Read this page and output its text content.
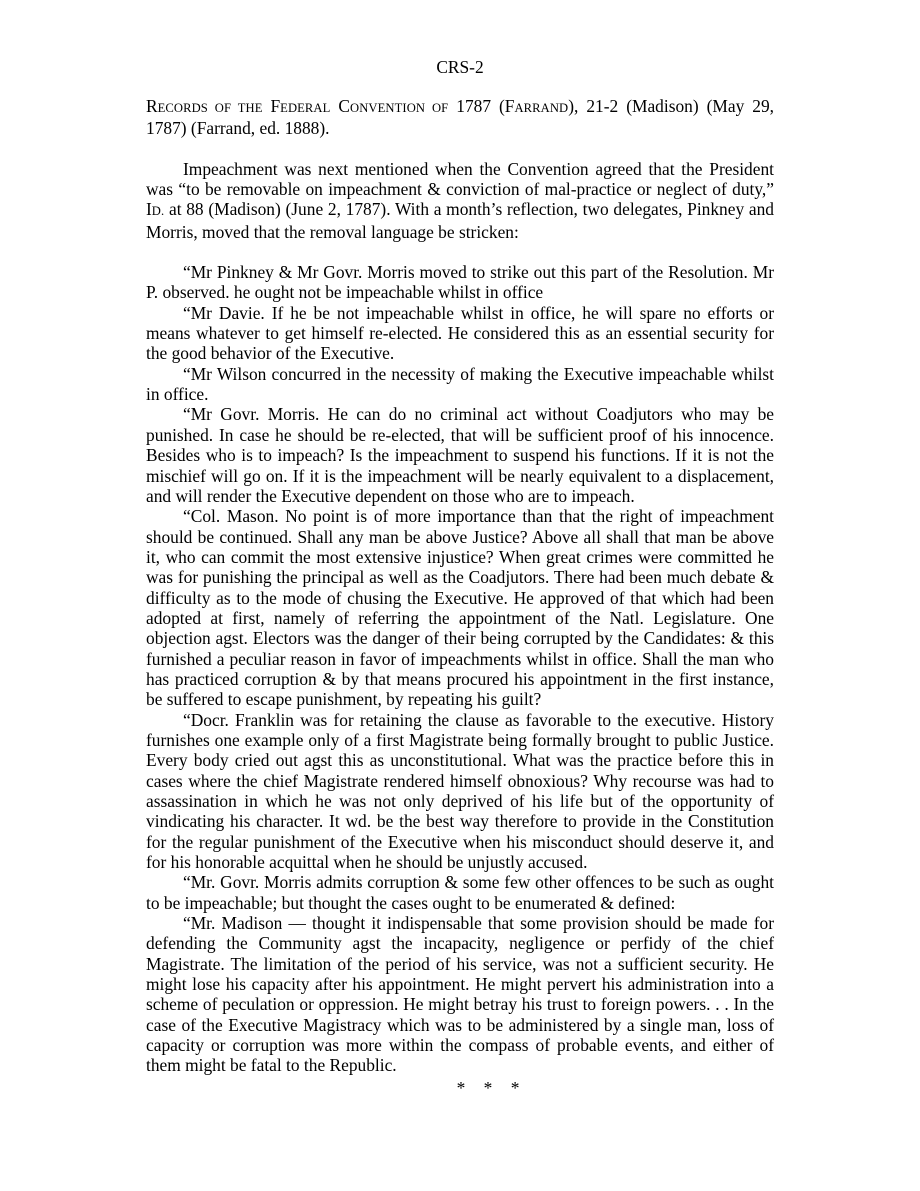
CRS-2

RECORDS OF THE FEDERAL CONVENTION OF 1787 (FARRAND), 21-2 (Madison) (May 29, 1787) (Farrand, ed. 1888).

Impeachment was next mentioned when the Convention agreed that the President was “to be removable on impeachment & conviction of mal-practice or neglect of duty,” ID. at 88 (Madison) (June 2, 1787). With a month’s reflection, two delegates, Pinkney and Morris, moved that the removal language be stricken:

“Mr Pinkney & Mr Govr. Morris moved to strike out this part of the Resolution. Mr P. observed. he ought not be impeachable whilst in office

“Mr Davie. If he be not impeachable whilst in office, he will spare no efforts or means whatever to get himself re-elected. He considered this as an essential security for the good behavior of the Executive.

“Mr Wilson concurred in the necessity of making the Executive impeachable whilst in office.

“Mr Govr. Morris. He can do no criminal act without Coadjutors who may be punished. In case he should be re-elected, that will be sufficient proof of his innocence. Besides who is to impeach? Is the impeachment to suspend his functions. If it is not the mischief will go on. If it is the impeachment will be nearly equivalent to a displacement, and will render the Executive dependent on those who are to impeach.

“Col. Mason. No point is of more importance than that the right of impeachment should be continued. Shall any man be above Justice? Above all shall that man be above it, who can commit the most extensive injustice? When great crimes were committed he was for punishing the principal as well as the Coadjutors. There had been much debate & difficulty as to the mode of chusing the Executive. He approved of that which had been adopted at first, namely of referring the appointment of the Natl. Legislature. One objection agst. Electors was the danger of their being corrupted by the Candidates: & this furnished a peculiar reason in favor of impeachments whilst in office. Shall the man who has practiced corruption & by that means procured his appointment in the first instance, be suffered to escape punishment, by repeating his guilt?

“Docr. Franklin was for retaining the clause as favorable to the executive. History furnishes one example only of a first Magistrate being formally brought to public Justice. Every body cried out agst this as unconstitutional. What was the practice before this in cases where the chief Magistrate rendered himself obnoxious? Why recourse was had to assassination in which he was not only deprived of his life but of the opportunity of vindicating his character. It wd. be the best way therefore to provide in the Constitution for the regular punishment of the Executive when his misconduct should deserve it, and for his honorable acquittal when he should be unjustly accused.

“Mr. Govr. Morris admits corruption & some few other offences to be such as ought to be impeachable; but thought the cases ought to be enumerated & defined:

“Mr. Madison — thought it indispensable that some provision should be made for defending the Community agst the incapacity, negligence or perfidy of the chief Magistrate. The limitation of the period of his service, was not a sufficient security. He might lose his capacity after his appointment. He might pervert his administration into a scheme of peculation or oppression. He might betray his trust to foreign powers. . . In the case of the Executive Magistracy which was to be administered by a single man, loss of capacity or corruption was more within the compass of probable events, and either of them might be fatal to the Republic.

* * *
